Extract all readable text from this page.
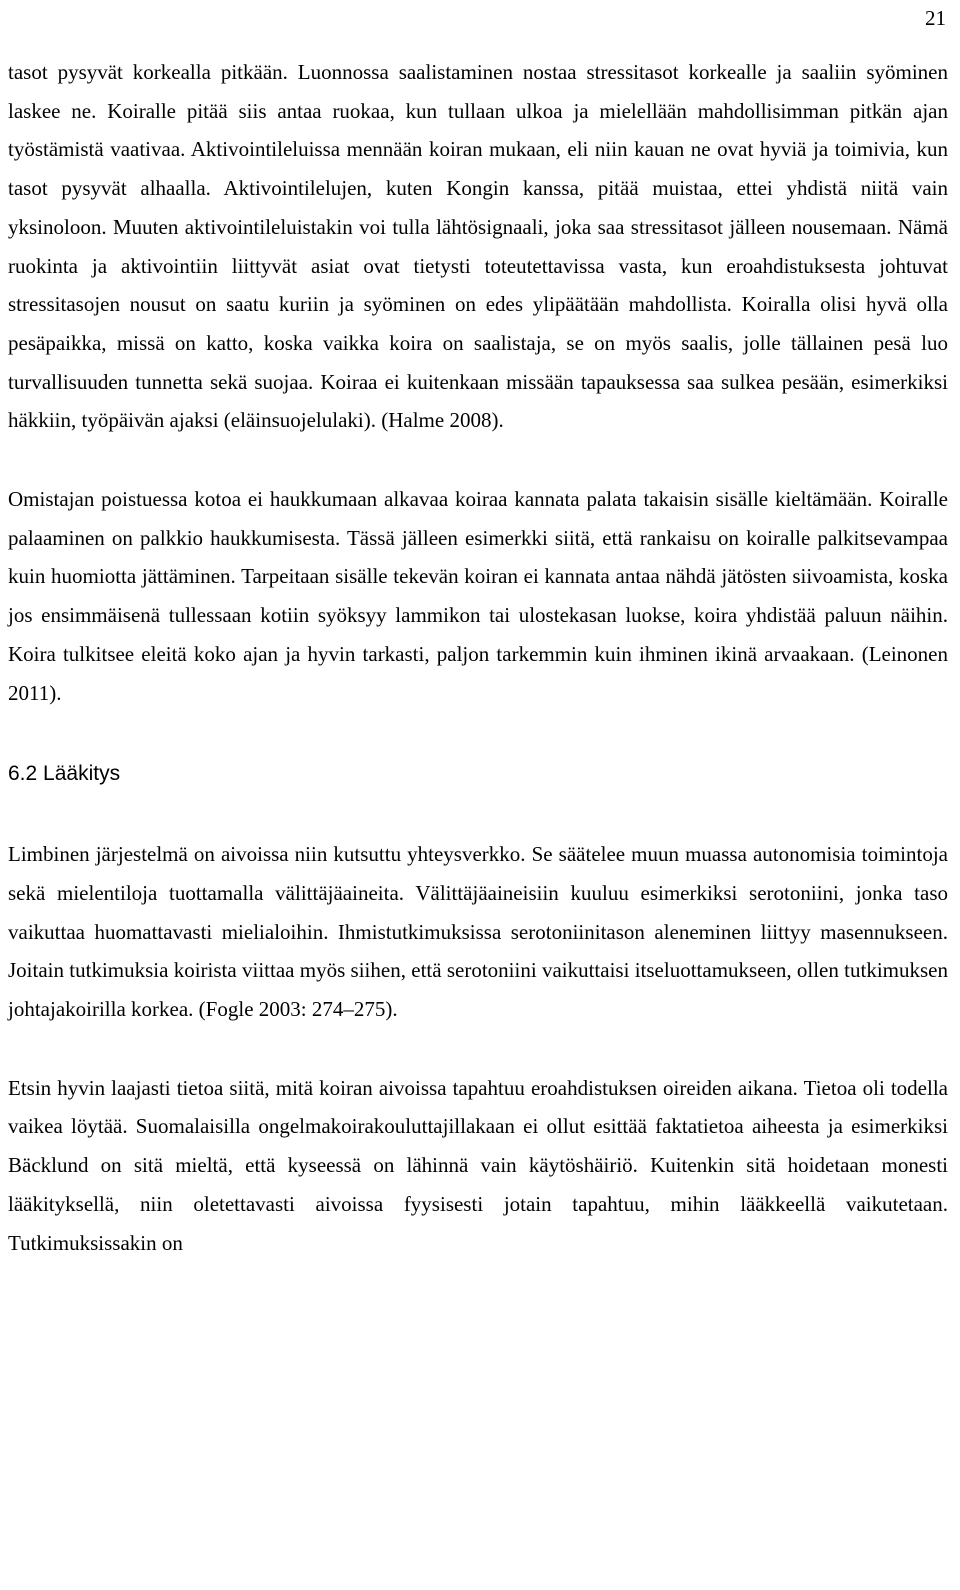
21

tasot pysyvät korkealla pitkään. Luonnossa saalistaminen nostaa stressitasot korkealle ja saaliin syöminen laskee ne. Koiralle pitää siis antaa ruokaa, kun tullaan ulkoa ja mielellään mahdollisimman pitkän ajan työstämistä vaativaa. Aktivointileluissa mennään koiran mukaan, eli niin kauan ne ovat hyviä ja toimivia, kun tasot pysyvät alhaalla. Aktivointilelujen, kuten Kongin kanssa, pitää muistaa, ettei yhdistä niitä vain yksinoloon. Muuten aktivointileluistakin voi tulla lähtösignaali, joka saa stressitasot jälleen nousemaan. Nämä ruokinta ja aktivointiin liittyvät asiat ovat tietysti toteutettavissa vasta, kun eroahdistuksesta johtuvat stressitasojen nousut on saatu kuriin ja syöminen on edes ylipäätään mahdollista. Koiralla olisi hyvä olla pesäpaikka, missä on katto, koska vaikka koira on saalistaja, se on myös saalis, jolle tällainen pesä luo turvallisuuden tunnetta sekä suojaa. Koiraa ei kuitenkaan missään tapauksessa saa sulkea pesään, esimerkiksi häkkiin, työpäivän ajaksi (eläinsuojelulaki). (Halme 2008).

Omistajan poistuessa kotoa ei haukkumaan alkavaa koiraa kannata palata takaisin sisälle kieltämään. Koiralle palaaminen on palkkio haukkumisesta. Tässä jälleen esimerkki siitä, että rankaisu on koiralle palkitsevampaa kuin huomiotta jättäminen. Tarpeitaan sisälle tekevän koiran ei kannata antaa nähdä jätösten siivoamista, koska jos ensimmäisenä tullessaan kotiin syöksyy lammikon tai ulostekasan luokse, koira yhdistää paluun näihin. Koira tulkitsee eleitä koko ajan ja hyvin tarkasti, paljon tarkemmin kuin ihminen ikinä arvaakaan. (Leinonen 2011).

6.2 Lääkitys

Limbinen järjestelmä on aivoissa niin kutsuttu yhteysverkko. Se säätelee muun muassa autonomisia toimintoja sekä mielentiloja tuottamalla välittäjäaineita. Välittäjäaineisiin kuuluu esimerkiksi serotoniini, jonka taso vaikuttaa huomattavasti mielialoihin. Ihmistutkimuksissa serotoniinitason aleneminen liittyy masennukseen. Joitain tutkimuksia koirista viittaa myös siihen, että serotoniini vaikuttaisi itseluottamukseen, ollen tutkimuksen johtajakoirilla korkea. (Fogle 2003: 274–275).

Etsin hyvin laajasti tietoa siitä, mitä koiran aivoissa tapahtuu eroahdistuksen oireiden aikana. Tietoa oli todella vaikea löytää. Suomalaisilla ongelmakoirakouluttajillakaan ei ollut esittää faktatietoa aiheesta ja esimerkiksi Bäcklund on sitä mieltä, että kyseessä on lähinnä vain käytöshäiriö. Kuitenkin sitä hoidetaan monesti lääkityksellä, niin oletettavasti aivoissa fyysisesti jotain tapahtuu, mihin lääkkeellä vaikutetaan. Tutkimuksissakin on
